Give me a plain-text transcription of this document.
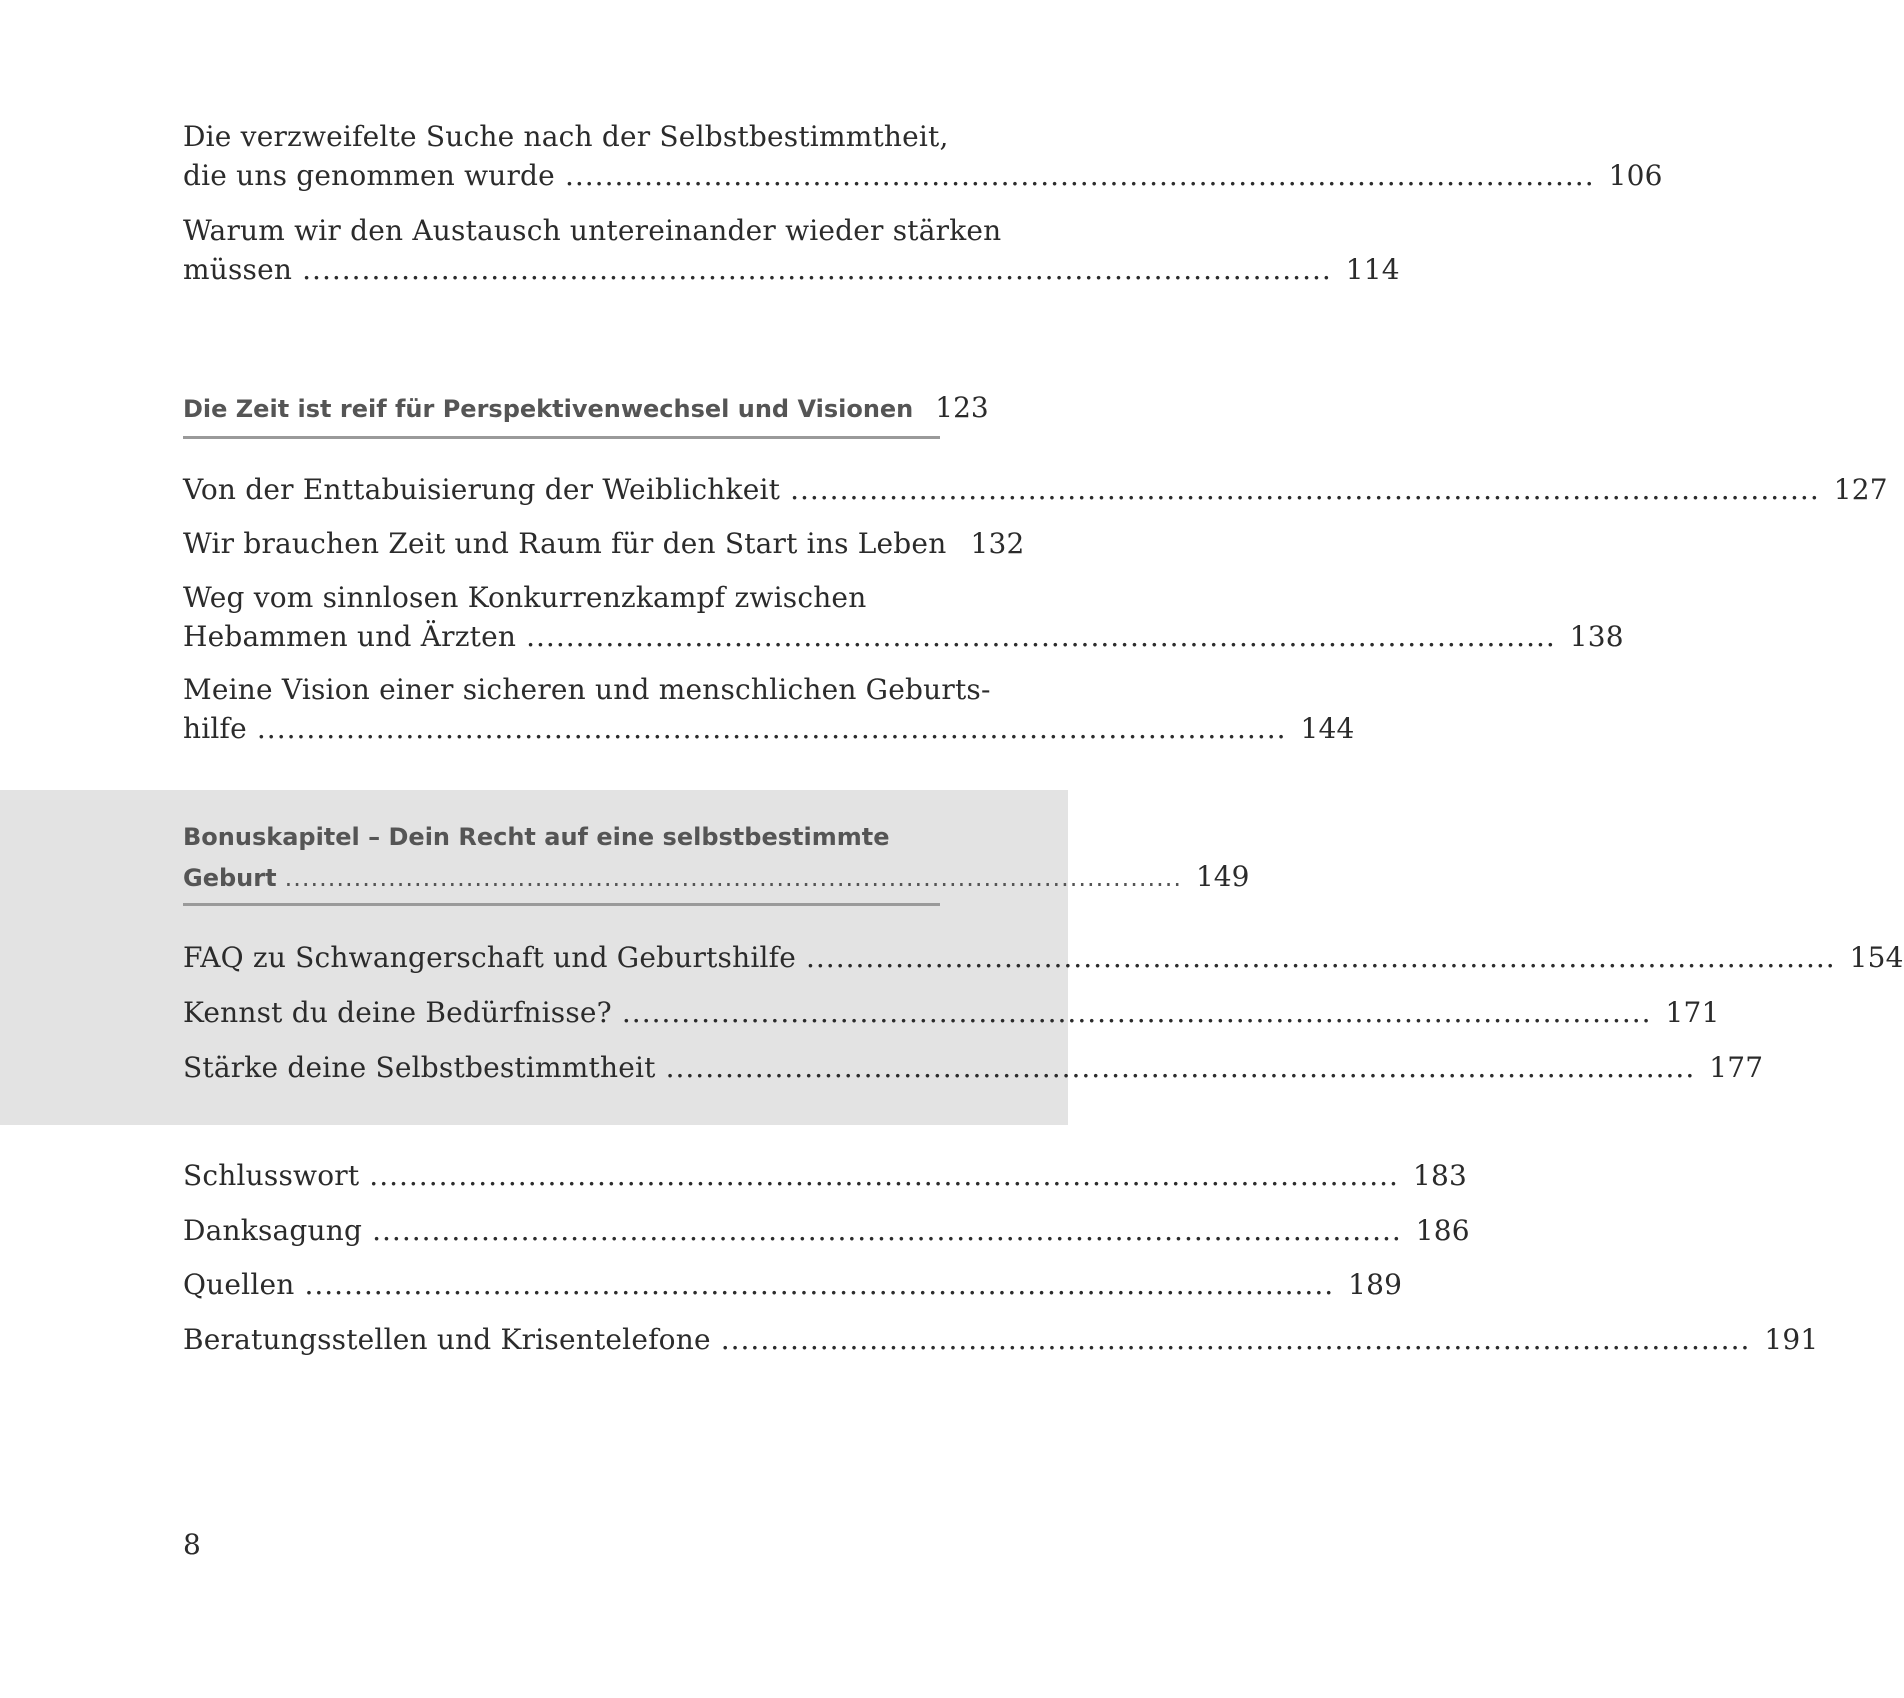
Die verzweifelte Suche nach der Selbstbestimmtheit,
die uns genommen wurde ........................................................................................................ 106
Warum wir den Austausch untereinander wieder stärken
müssen ........................................................................................................ 114
Die Zeit ist reif für Perspektivenwechsel und Visionen 123
Von der Enttabuisierung der Weiblichkeit ........................................................................................................ 127
Wir brauchen Zeit und Raum für den Start ins Leben 132
Weg vom sinnlosen Konkurrenzkampf zwischen
Hebammen und Ärzten ........................................................................................................ 138
Meine Vision einer sicheren und menschlichen Geburts-
hilfe ........................................................................................................ 144
Bonuskapitel – Dein Recht auf eine selbstbestimmte
Geburt ........................................................................................................ 149
FAQ zu Schwangerschaft und Geburtshilfe ........................................................................................................ 154
Kennst du deine Bedürfnisse? ........................................................................................................ 171
Stärke deine Selbstbestimmtheit ........................................................................................................ 177
Schlusswort ........................................................................................................ 183
Danksagung ........................................................................................................ 186
Quellen ........................................................................................................ 189
Beratungsstellen und Krisentelefone ........................................................................................................ 191
8
